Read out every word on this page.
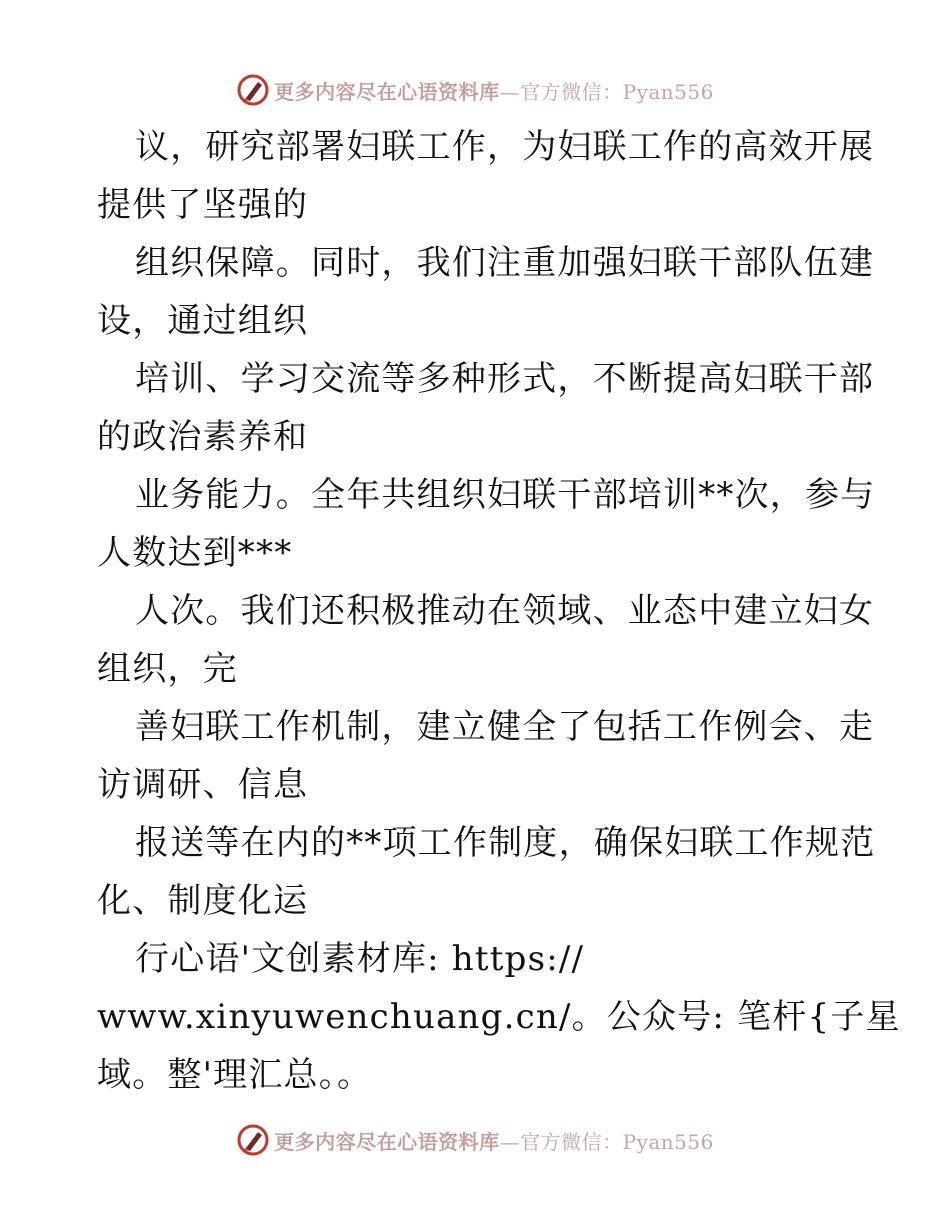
更多内容尽在心语资料库—官方微信：Pyan556
议，研究部署妇联工作，为妇联工作的高效开展
提供了坚强的
组织保障。同时，我们注重加强妇联干部队伍建
设，通过组织
培训、学习交流等多种形式，不断提高妇联干部
的政治素养和
业务能力。全年共组织妇联干部培训**次，参与
人数达到***
人次。我们还积极推动在领域、业态中建立妇女
组织，完
善妇联工作机制，建立健全了包括工作例会、走
访调研、信息
报送等在内的**项工作制度，确保妇联工作规范
化、制度化运
行心语'文创素材库: https://
www.xinyuwenchuang.cn/。公众号: 笔杆{子星
域。整'理汇总。。
更多内容尽在心语资料库—官方微信：Pyan556
